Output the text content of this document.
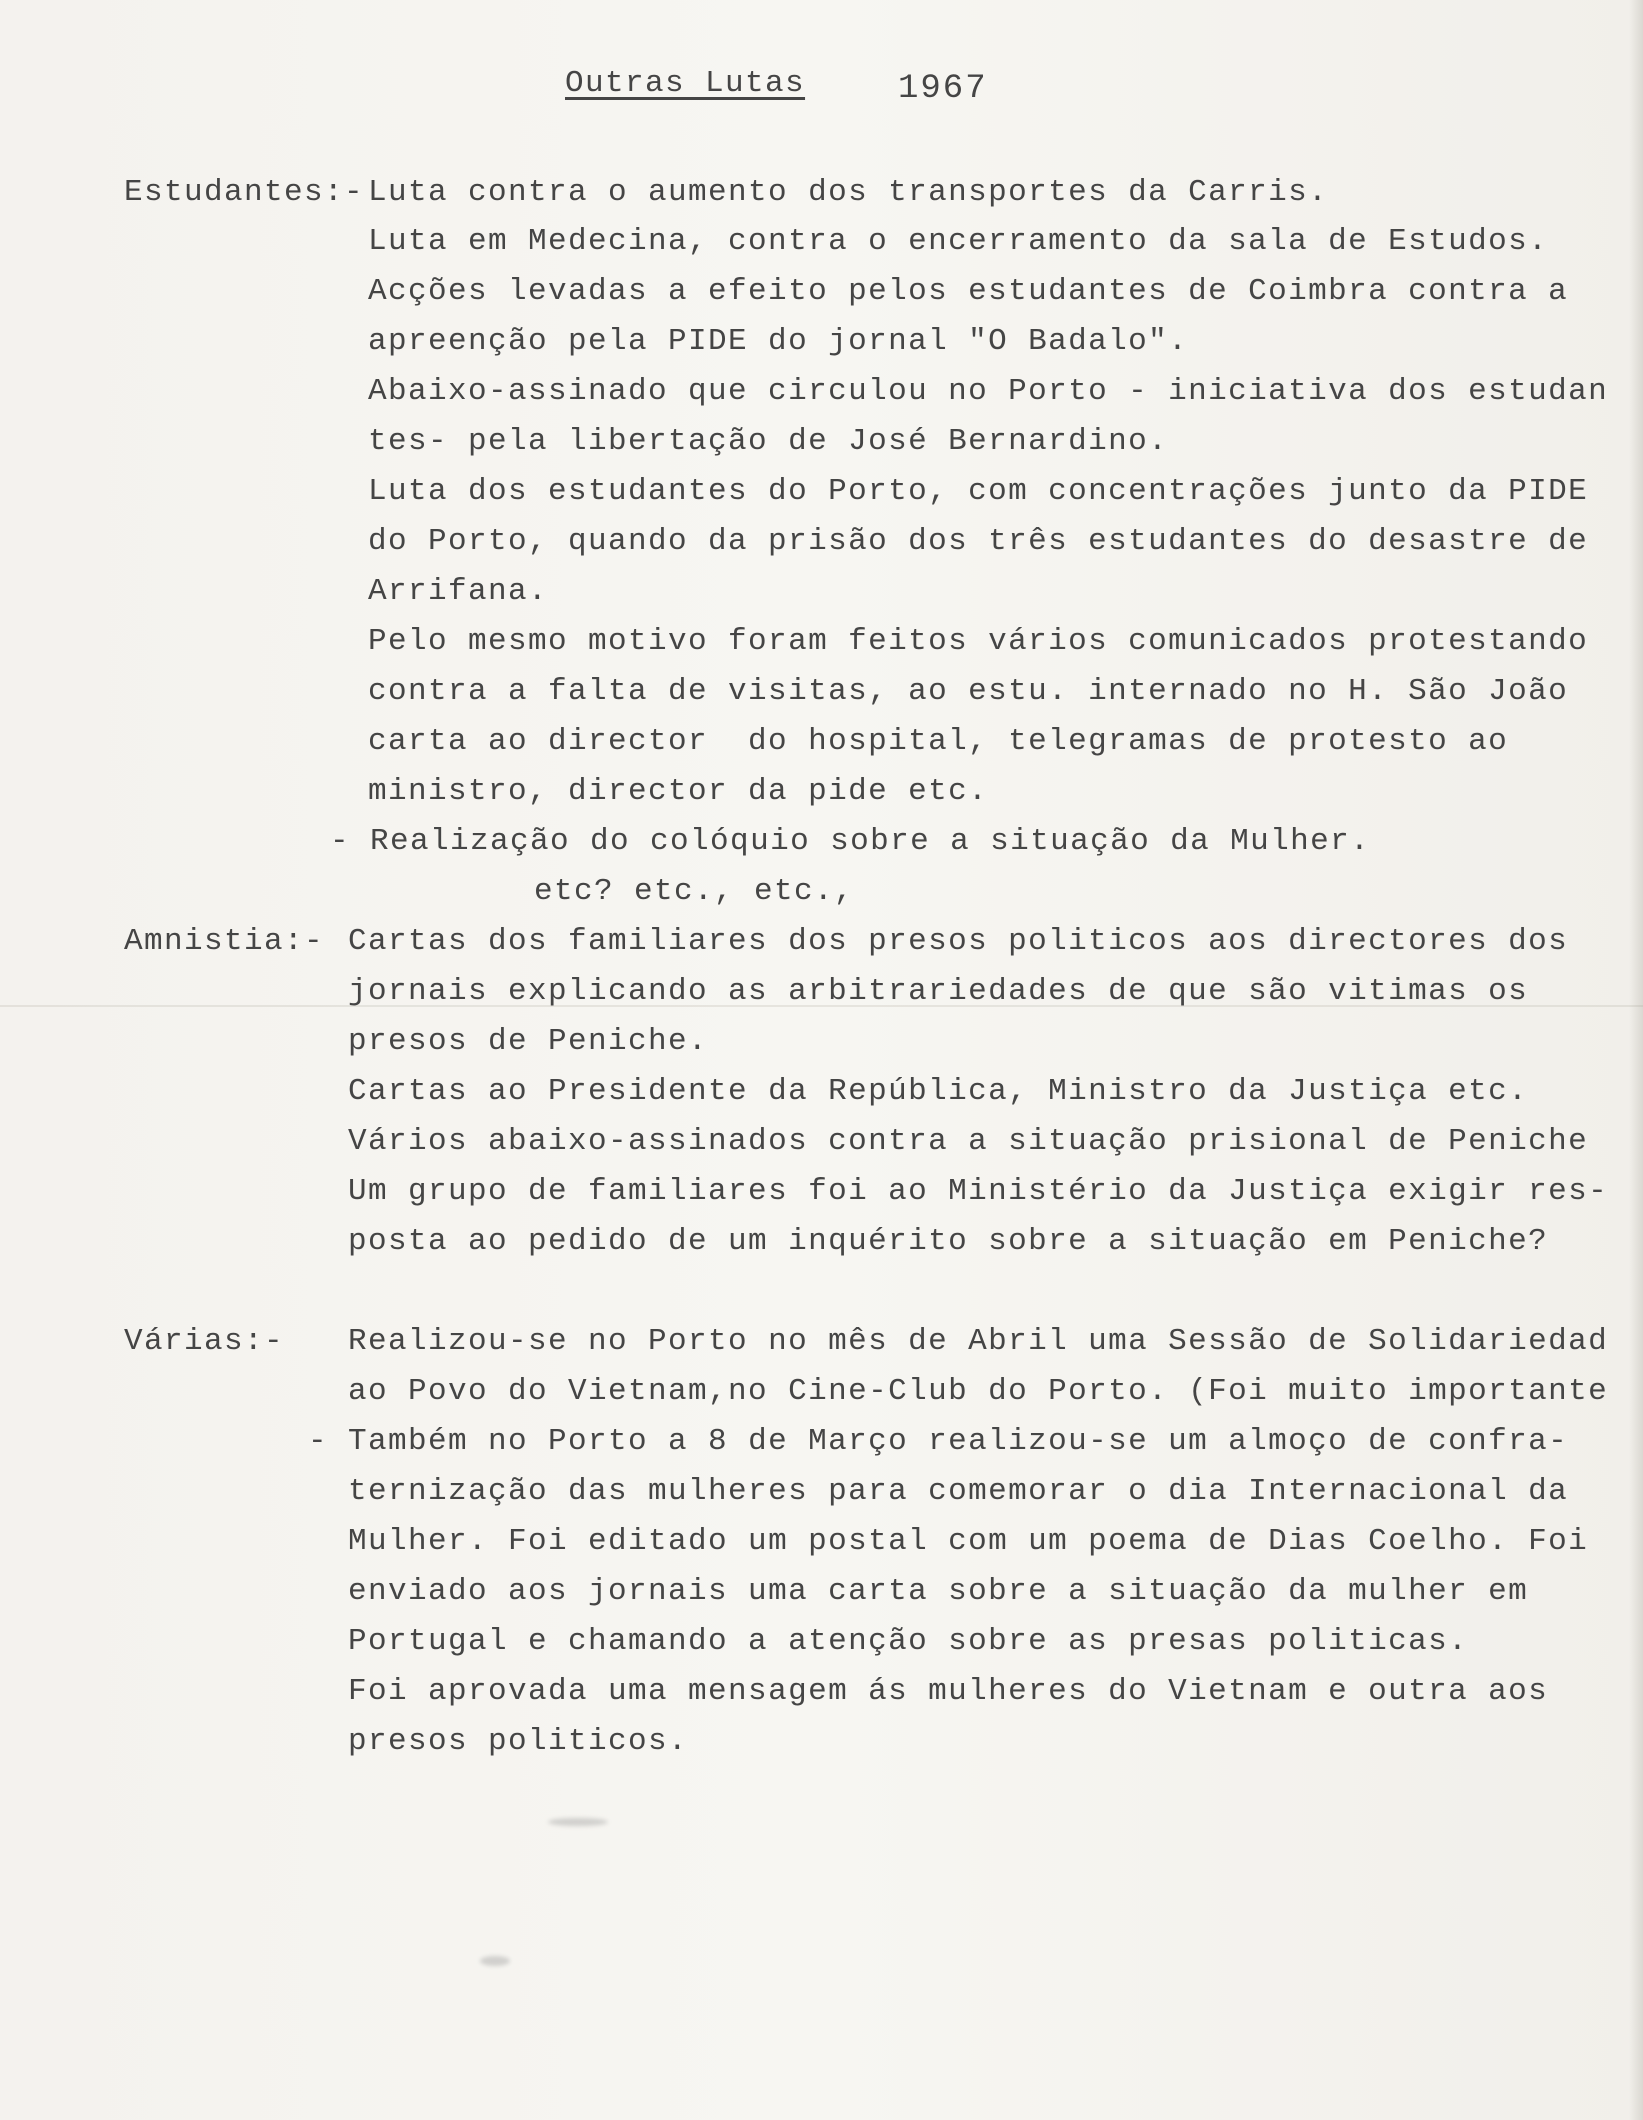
Outras Lutas	1967
Estudantes:- Luta contra o aumento dos transportes da Carris.
Luta em Medecina, contra o encerramento da sala de Estudos.
Acções levadas a efeito pelos estudantes de Coimbra contra a
apreenção pela PIDE do jornal "O Badalo".
Abaixo-assinado que circulou no Porto - iniciativa dos estudan
tes- pela libertação de José Bernardino.
Luta dos estudantes do Porto, com concentrações junto da PIDE
do Porto, quando da prisão dos três estudantes do desastre de
Arrifana.
Pelo mesmo motivo foram feitos vários comunicados protestando
contra a falta de visitas, ao estu. internado no H. São João
carta ao director  do hospital, telegramas de protesto ao
ministro, director da pide etc.
- Realização do colóquio sobre a situação da Mulher.
etc? etc., etc.,
Amnistia:- Cartas dos familiares dos presos politicos aos directores dos
jornais explicando as arbitrariedades de que são vitimas os
presos de Peniche.
Cartas ao Presidente da República, Ministro da Justiça etc.
Vários abaixo-assinados contra a situação prisional de Peniche
Um grupo de familiares foi ao Ministério da Justiça exigir res-
posta ao pedido de um inquérito sobre a situação em Peniche?
Várias:- Realizou-se no Porto no mês de Abril uma Sessão de Solidariedad
ao Povo do Vietnam,no Cine-Club do Porto. (Foi muito importante
- Também no Porto a 8 de Março realizou-se um almoço de confra-
ternização das mulheres para comemorar o dia Internacional da
Mulher. Foi editado um postal com um poema de Dias Coelho. Foi
enviado aos jornais uma carta sobre a situação da mulher em
Portugal e chamando a atenção sobre as presas politicas.
Foi aprovada uma mensagem ás mulheres do Vietnam e outra aos
presos politicos.
